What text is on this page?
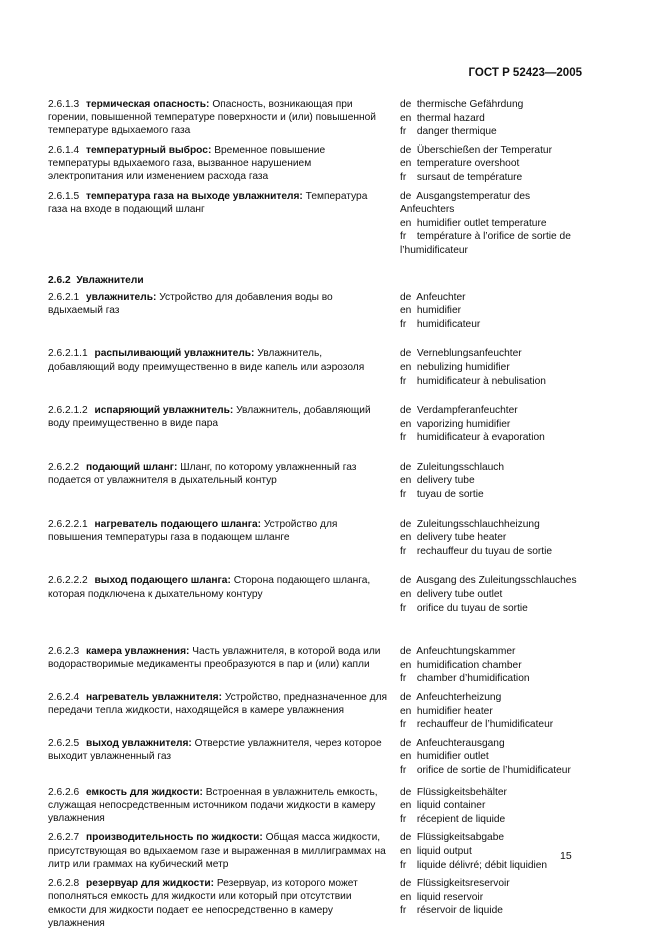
ГОСТ Р 52423—2005
2.6.1.3 термическая опасность: Опасность, возникающая при горении, повышенной температуре поверхности и (или) повышенной температуре вдыхаемого газа
de thermische Gefährdung
en thermal hazard
fr danger thermique
2.6.1.4 температурный выброс: Временное повышение температуры вдыхаемого газа, вызванное нарушением электропитания или изменением расхода газа
de Überschießen der Temperatur
en temperature overshoot
fr sursaut de température
2.6.1.5 температура газа на выходе увлажнителя: Температура газа на входе в подающий шланг
de Ausgangstemperatur des Anfeuchters
en humidifier outlet temperature
fr température à l’orifice de sortie de l’humidificateur
2.6.2 Увлажнители
2.6.2.1 увлажнитель: Устройство для добавления воды во вдыхаемый газ
de Anfeuchter
en humidifier
fr humidificateur
2.6.2.1.1 распыливающий увлажнитель: Увлажнитель, добавляющий воду преимущественно в виде капель или аэрозоля
de Verneblungsanfeuchter
en nebulizing humidifier
fr humidificateur à nebulisation
2.6.2.1.2 испаряющий увлажнитель: Увлажнитель, добавляющий воду преимущественно в виде пара
de Verdampferanfeuchter
en vaporizing humidifier
fr humidificateur à evaporation
2.6.2.2 подающий шланг: Шланг, по которому увлажненный газ подается от увлажнителя в дыхательный контур
de Zuleitungsschlauch
en delivery tube
fr tuyau de sortie
2.6.2.2.1 нагреватель подающего шланга: Устройство для повышения температуры газа в подающем шланге
de Zuleitungsschlauchheizung
en delivery tube heater
fr rechauffeur du tuyau de sortie
2.6.2.2.2 выход подающего шланга: Сторона подающего шланга, которая подключена к дыхательному контуру
de Ausgang des Zuleitungsschlauches
en delivery tube outlet
fr orifice du tuyau de sortie
2.6.2.3 камера увлажнения: Часть увлажнителя, в которой вода или водорастворимые медикаменты преобразуются в пар и (или) капли
de Anfeuchtungskammer
en humidification chamber
fr chamber d’humidification
2.6.2.4 нагреватель увлажнителя: Устройство, предназначенное для передачи тепла жидкости, находящейся в камере увлажнения
de Anfeuchterheizung
en humidifier heater
fr rechauffeur de l’humidificateur
2.6.2.5 выход увлажнителя: Отверстие увлажнителя, через которое выходит увлажненный газ
de Anfeuchterausgang
en humidifier outlet
fr orifice de sortie de l’humidificateur
2.6.2.6 емкость для жидкости: Встроенная в увлажнитель емкость, служащая непосредственным источником подачи жидкости в камеру увлажнения
de Flüssigkeitsbehälter
en liquid container
fr récepient de liquide
2.6.2.7 производительность по жидкости: Общая масса жидкости, присутствующая во вдыхаемом газе и выраженная в миллиграммах на литр или граммах на кубический метр
de Flüssigkeitsabgabe
en liquid output
fr liquide délivré; débit liquidien
2.6.2.8 резервуар для жидкости: Резервуар, из которого может пополняться емкость для жидкости или который при отсутствии емкости для жидкости подает ее непосредственно в камеру увлажнения
de Flüssigkeitsreservoir
en liquid reservoir
fr réservoir de liquide
15
